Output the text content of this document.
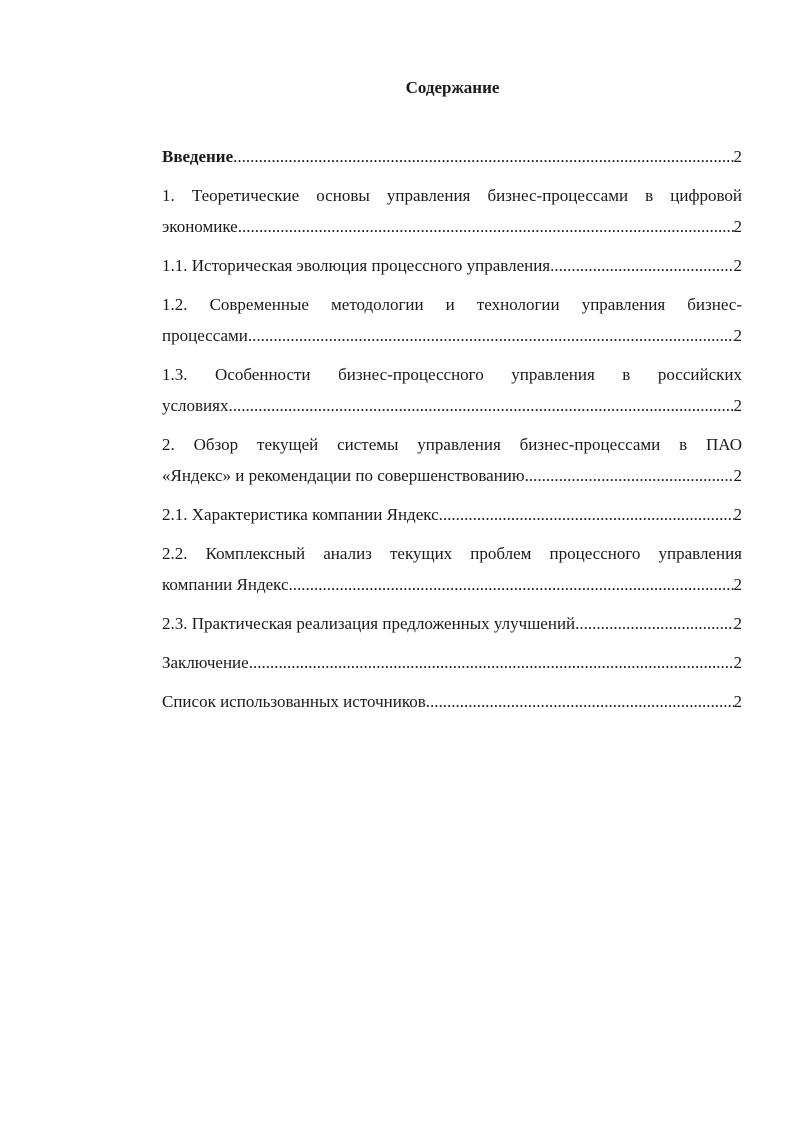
Содержание
Введение .....	2
1. Теоретические основы управления бизнес-процессами в цифровой
экономике .....	2
1.1. Историческая эволюция процессного управления .....	2
1.2. Современные методологии и технологии управления бизнес-
процессами .....	2
1.3. Особенности бизнес-процессного управления в российских
условиях .....	2
2. Обзор текущей системы управления бизнес-процессами в ПАО
«Яндекс» и рекомендации по совершенствованию .....	2
2.1. Характеристика компании Яндекс .....	2
2.2. Комплексный анализ текущих проблем процессного управления
компании Яндекс .....	2
2.3. Практическая реализация предложенных улучшений .....	2
Заключение .....	2
Список использованных источников .....	2
